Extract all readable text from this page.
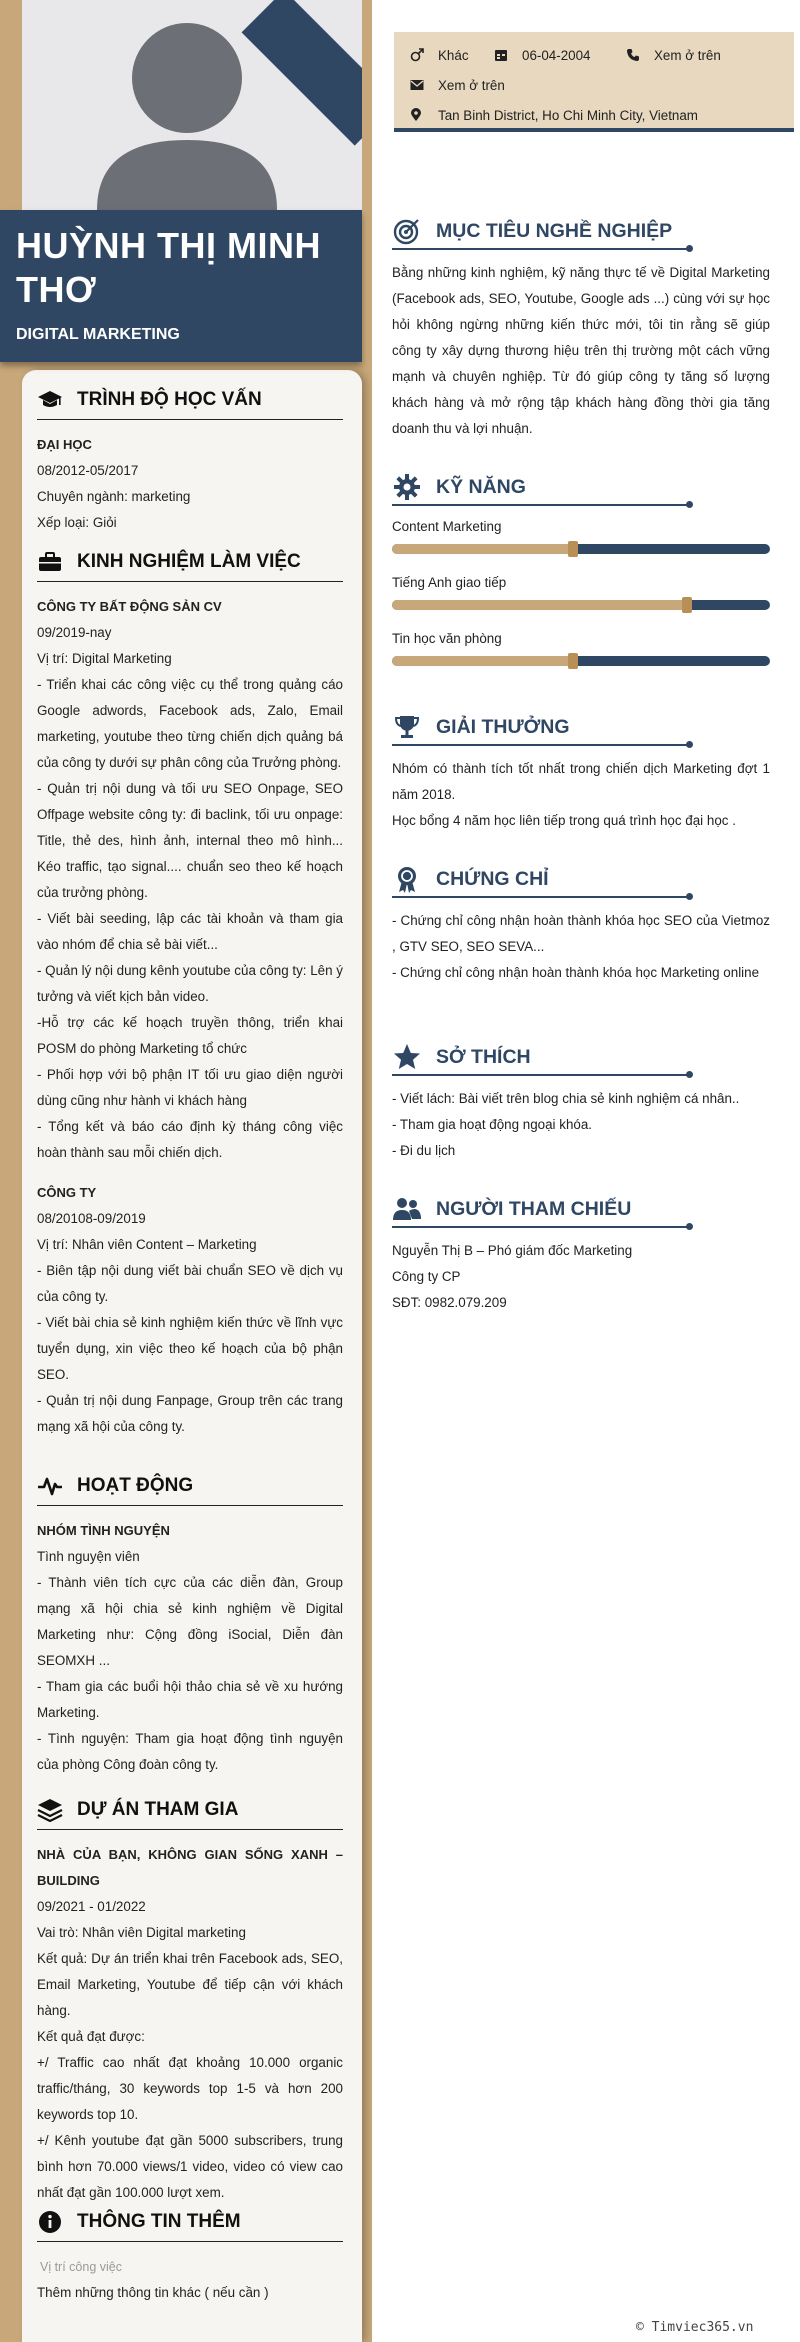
HUỲNH THỊ MINH THƠ
DIGITAL MARKETING
TRÌNH ĐỘ HỌC VẤN
ĐẠI HỌC
08/2012-05/2017
Chuyên ngành: marketing
Xếp loại: Giỏi
KINH NGHIỆM LÀM VIỆC
CÔNG TY BẤT ĐỘNG SẢN CV
09/2019-nay
Vị trí: Digital Marketing
- Triển khai các công việc cụ thể trong quảng cáo Google adwords, Facebook ads, Zalo, Email marketing, youtube theo từng chiến dịch quảng bá của công ty dưới sự phân công của Trưởng phòng.
- Quản trị nội dung và tối ưu SEO Onpage, SEO Offpage website công ty: đi baclink, tối ưu onpage: Title, thẻ des, hình ảnh, internal theo mô hình... Kéo traffic, tạo signal.... chuẩn seo theo kế hoạch của trưởng phòng.
- Viết bài seeding, lập các tài khoản và tham gia vào nhóm để chia sẻ bài viết...
- Quản lý nội dung kênh youtube của công ty: Lên ý tưởng và viết kịch bản video.
-Hỗ trợ các kế hoạch truyền thông, triển khai POSM do phòng Marketing tổ chức
- Phối hợp với bộ phận IT tối ưu giao diện người dùng cũng như hành vi khách hàng
- Tổng kết và báo cáo định kỳ tháng công việc hoàn thành sau mỗi chiến dịch.
CÔNG TY
08/20108-09/2019
Vị trí: Nhân viên Content – Marketing
- Biên tập nội dung viết bài chuẩn SEO về dịch vụ của công ty.
- Viết bài chia sẻ kinh nghiệm kiến thức về lĩnh vực tuyển dụng, xin việc theo kế hoạch của bộ phận SEO.
- Quản trị nội dung Fanpage, Group trên các trang mạng xã hội của công ty.
HOẠT ĐỘNG
NHÓM TÌNH NGUYỆN
Tình nguyện viên
- Thành viên tích cực của các diễn đàn, Group mạng xã hội chia sẻ kinh nghiệm về Digital Marketing như: Cộng đồng iSocial, Diễn đàn SEOMXH ...
- Tham gia các buổi hội thảo chia sẻ về xu hướng Marketing.
- Tình nguyện: Tham gia hoạt động tình nguyện của phòng Công đoàn công ty.
DỰ ÁN THAM GIA
NHÀ CỦA BẠN, KHÔNG GIAN SỐNG XANH – BUILDING
09/2021 - 01/2022
Vai trò: Nhân viên Digital marketing
Kết quả: Dự án triển khai trên Facebook ads, SEO, Email Marketing, Youtube để tiếp cận với khách hàng.
Kết quả đạt được:
+/ Traffic cao nhất đạt khoảng 10.000 organic traffic/tháng, 30 keywords top 1-5 và hơn 200 keywords top 10.
+/ Kênh youtube đạt gần 5000 subscribers, trung bình hơn 70.000 views/1 video, video có view cao nhất đạt gần 100.000 lượt xem.
THÔNG TIN THÊM
Vị trí công việc
Thêm những thông tin khác ( nếu cần )
Khác	06-04-2004	Xem ở trên
Xem ở trên
Tan Binh District, Ho Chi Minh City, Vietnam
MỤC TIÊU NGHỀ NGHIỆP
Bằng những kinh nghiệm, kỹ năng thực tế về Digital Marketing (Facebook ads, SEO, Youtube, Google ads ...) cùng với sự học hỏi không ngừng những kiến thức mới, tôi tin rằng sẽ giúp công ty xây dựng thương hiệu trên thị trường một cách vững mạnh và chuyên nghiệp. Từ đó giúp công ty tăng số lượng khách hàng và mở rộng tập khách hàng đồng thời gia tăng doanh thu và lợi nhuận.
KỸ NĂNG
Content Marketing
Tiếng Anh giao tiếp
Tin học văn phòng
GIẢI THƯỞNG
Nhóm có thành tích tốt nhất trong chiến dịch Marketing đợt 1 năm 2018.
Học bổng 4 năm học liên tiếp trong quá trình học đại học .
CHỨNG CHỈ
- Chứng chỉ công nhận hoàn thành khóa học SEO của Vietmoz , GTV SEO, SEO SEVA...
- Chứng chỉ công nhận hoàn thành khóa học Marketing online
SỞ THÍCH
- Viết lách: Bài viết trên blog chia sẻ kinh nghiệm cá nhân..
- Tham gia hoạt động ngoại khóa.
- Đi du lịch
NGƯỜI THAM CHIẾU
Nguyễn Thị B – Phó giám đốc Marketing
Công ty CP
SĐT: 0982.079.209
© Timviec365.vn
